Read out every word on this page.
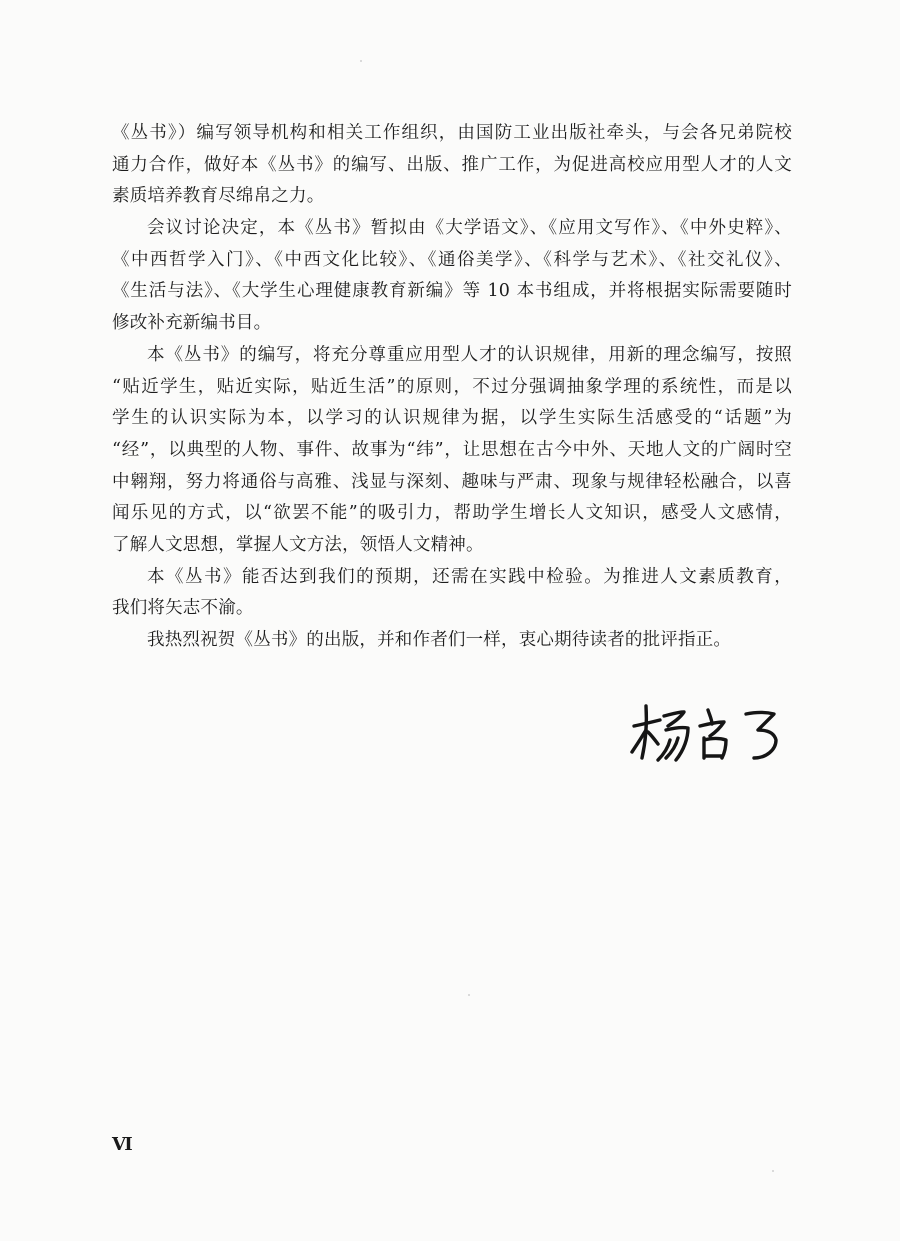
《丛书》）编写领导机构和相关工作组织，由国防工业出版社牵头，与会各兄弟院校
通力合作，做好本《丛书》的编写、出版、推广工作，为促进高校应用型人才的人文
素质培养教育尽绵帛之力。
会议讨论决定，本《丛书》暂拟由《大学语文》、《应用文写作》、《中外史粹》、
《中西哲学入门》、《中西文化比较》、《通俗美学》、《科学与艺术》、《社交礼仪》、
《生活与法》、《大学生心理健康教育新编》等 10 本书组成，并将根据实际需要随时
修改补充新编书目。
本《丛书》的编写，将充分尊重应用型人才的认识规律，用新的理念编写，按照
“贴近学生，贴近实际，贴近生活”的原则，不过分强调抽象学理的系统性，而是以
学生的认识实际为本，以学习的认识规律为据，以学生实际生活感受的“话题”为
“经”，以典型的人物、事件、故事为“纬”，让思想在古今中外、天地人文的广阔时空
中翱翔，努力将通俗与高雅、浅显与深刻、趣味与严肃、现象与规律轻松融合，以喜
闻乐见的方式，以“欲罢不能”的吸引力，帮助学生增长人文知识，感受人文感情，
了解人文思想，掌握人文方法，领悟人文精神。
本《丛书》能否达到我们的预期，还需在实践中检验。为推进人文素质教育，
我们将矢志不渝。
我热烈祝贺《丛书》的出版，并和作者们一样，衷心期待读者的批评指正。
Ⅵ
